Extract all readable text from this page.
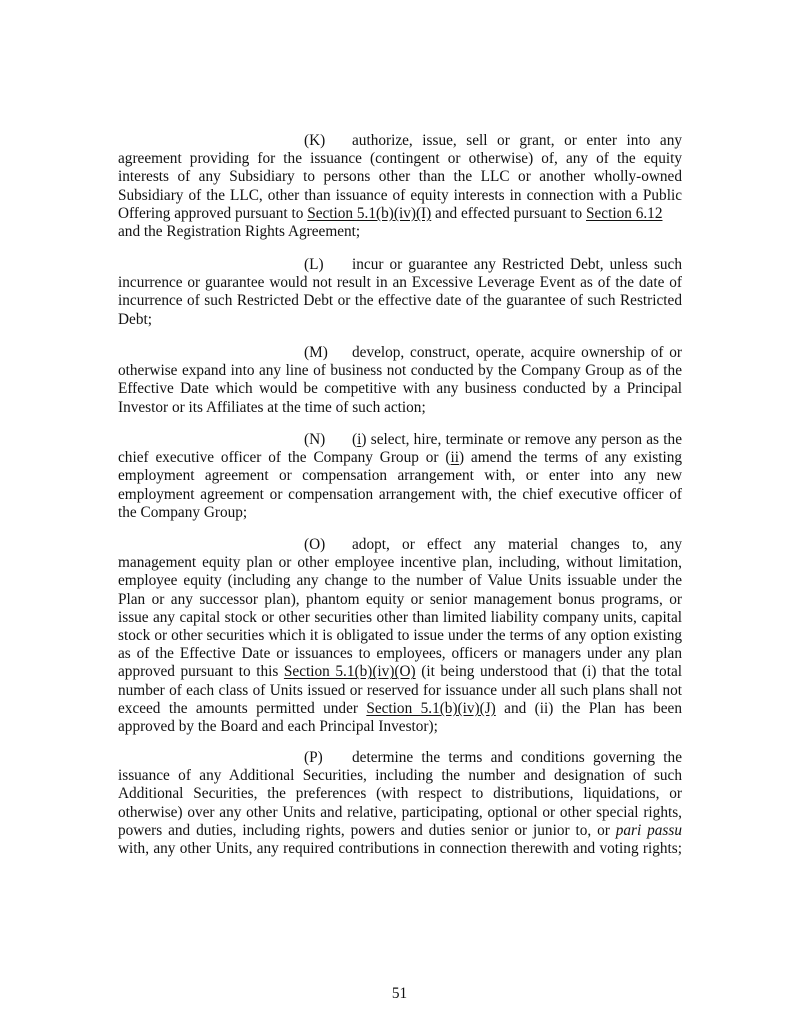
(K) authorize, issue, sell or grant, or enter into any
agreement providing for the issuance (contingent or otherwise) of, any of the equity
interests of any Subsidiary to persons other than the LLC or another wholly-owned
Subsidiary of the LLC, other than issuance of equity interests in connection with a Public
Offering approved pursuant to Section 5.1(b)(iv)(I) and effected pursuant to Section 6.12
and the Registration Rights Agreement;
(L) incur or guarantee any Restricted Debt, unless such
incurrence or guarantee would not result in an Excessive Leverage Event as of the date of
incurrence of such Restricted Debt or the effective date of the guarantee of such Restricted
Debt;
(M) develop, construct, operate, acquire ownership of or
otherwise expand into any line of business not conducted by the Company Group as of the
Effective Date which would be competitive with any business conducted by a Principal
Investor or its Affiliates at the time of such action;
(N) (i) select, hire, terminate or remove any person as the
chief executive officer of the Company Group or (ii) amend the terms of any existing
employment agreement or compensation arrangement with, or enter into any new
employment agreement or compensation arrangement with, the chief executive officer of
the Company Group;
(O) adopt, or effect any material changes to, any
management equity plan or other employee incentive plan, including, without limitation,
employee equity (including any change to the number of Value Units issuable under the
Plan or any successor plan), phantom equity or senior management bonus programs, or
issue any capital stock or other securities other than limited liability company units, capital
stock or other securities which it is obligated to issue under the terms of any option existing
as of the Effective Date or issuances to employees, officers or managers under any plan
approved pursuant to this Section 5.1(b)(iv)(O) (it being understood that (i) that the total
number of each class of Units issued or reserved for issuance under all such plans shall not
exceed the amounts permitted under Section 5.1(b)(iv)(J) and (ii) the Plan has been
approved by the Board and each Principal Investor);
(P) determine the terms and conditions governing the
issuance of any Additional Securities, including the number and designation of such
Additional Securities, the preferences (with respect to distributions, liquidations, or
otherwise) over any other Units and relative, participating, optional or other special rights,
powers and duties, including rights, powers and duties senior or junior to, or pari passu
with, any other Units, any required contributions in connection therewith and voting rights;
51
